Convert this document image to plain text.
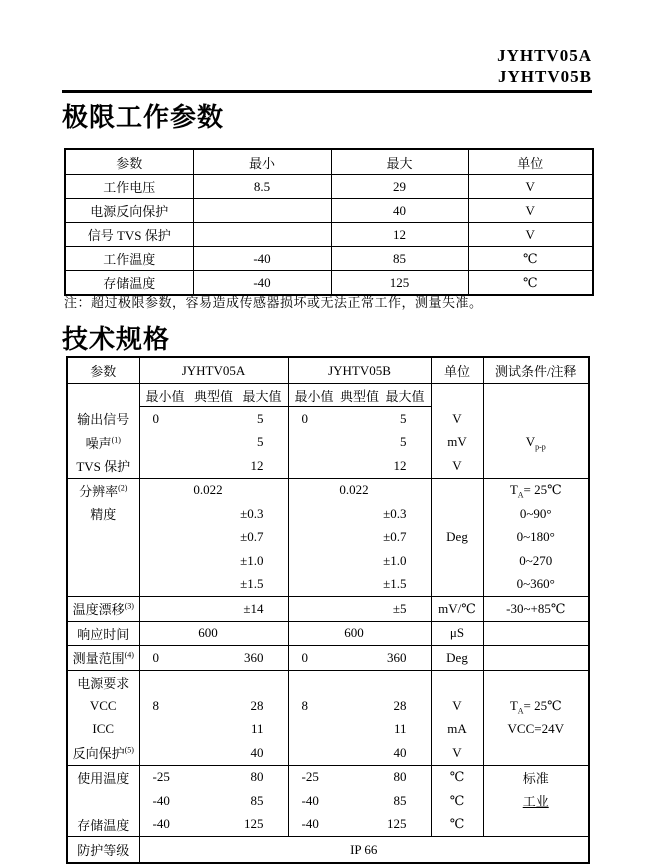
JYHTV05A
JYHTV05B
极限工作参数
参数	最小	最大	单位
工作电压	8.5	29	V
电源反向保护		40	V
信号 TVS 保护		12	V
工作温度	-40	85	℃
存储温度	-40	125	℃
注：超过极限参数，容易造成传感器损坏或无法正常工作，测量失准。
技术规格
参数	JYHTV05A	JYHTV05B	单位	测试条件/注释

	最小值 典型值 最大值	最小值 典型值 最大值		

输出信号	0 5	0 5	V	
噪声$^{(1)}$	5	5	mV	$V_{p-p}$
TVS 保护	12	12	V	
分辨率$^{(2)}$	0.022	0.022		$T_A=$ 25℃
精度	±0.3	±0.3		0~90°

	±0.7	±0.7	Deg	0~180°

	±1.0	±1.0		0~270

	±1.5	±1.5		0~360°
温度漂移$^{(3)}$	±14	±5	mV/℃	-30~+85℃
响应时间	600	600	μS	
测量范围$^{(4)}$	0 360	0 360	Deg	
电源要求	

VCC	8 28	8 28	V	$T_A=$ 25℃
ICC	11	11	mA	VCC=24V
反向保护$^{(5)}$	40	40	V	
使用温度	-25 80	-25 80	℃	标准

	-40 85	-40 85	℃	工业
存储温度	-40 125	-40 125	℃	
防护等级	IP 66			
